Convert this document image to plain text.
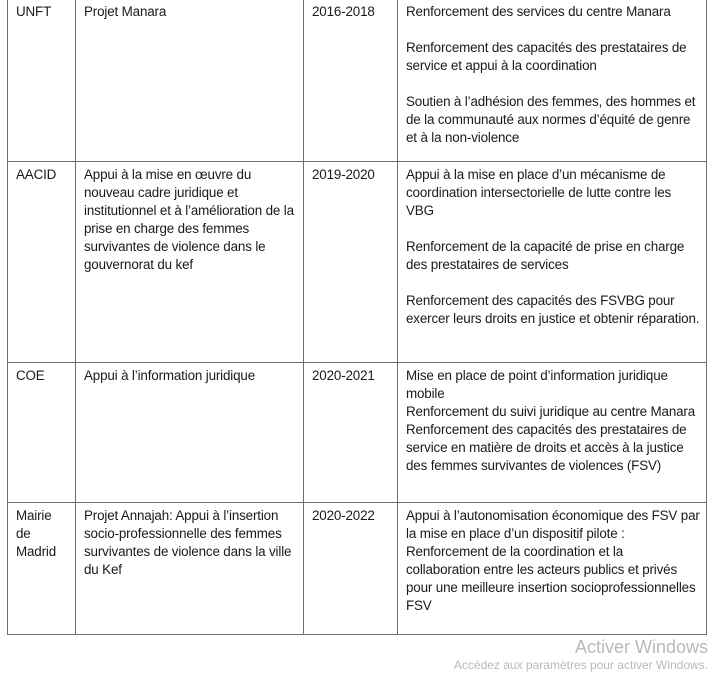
UNFT	Projet Manara	2016-2018	Renforcement des services du centre Manara

Renforcement des capacités des prestataires de service et appui à la coordination

Soutien à l’adhésion des femmes, des hommes et de la communauté aux normes d’équité de genre et à la non-violence

AACID	Appui à la mise en œuvre du nouveau cadre juridique et institutionnel et à l’amélioration de la prise en charge des femmes survivantes de violence dans le gouvernorat du kef	2019-2020	Appui à la mise en place d’un mécanisme de coordination intersectorielle de lutte contre les VBG

Renforcement de la capacité de prise en charge des prestataires de services

Renforcement des capacités des FSVBG pour exercer leurs droits en justice et obtenir réparation.

COE	Appui à l’information juridique	2020-2021	Mise en place de point d’information juridique mobile

Renforcement du suivi juridique au centre Manara

Renforcement des capacités des prestataires de service en matière de droits et accès à la justice des femmes survivantes de violences (FSV)

Mairie de Madrid	Projet Annajah: Appui à l’insertion socio-professionnelle des femmes survivantes de violence dans la ville du Kef	2020-2022	Appui à l’autonomisation économique des FSV par la mise en place d’un dispositif pilote :

Renforcement de la coordination et la collaboration entre les acteurs publics et privés pour une meilleure insertion socioprofessionnelles FSV

Activer Windows
Accédez aux paramètres pour activer Windows.
